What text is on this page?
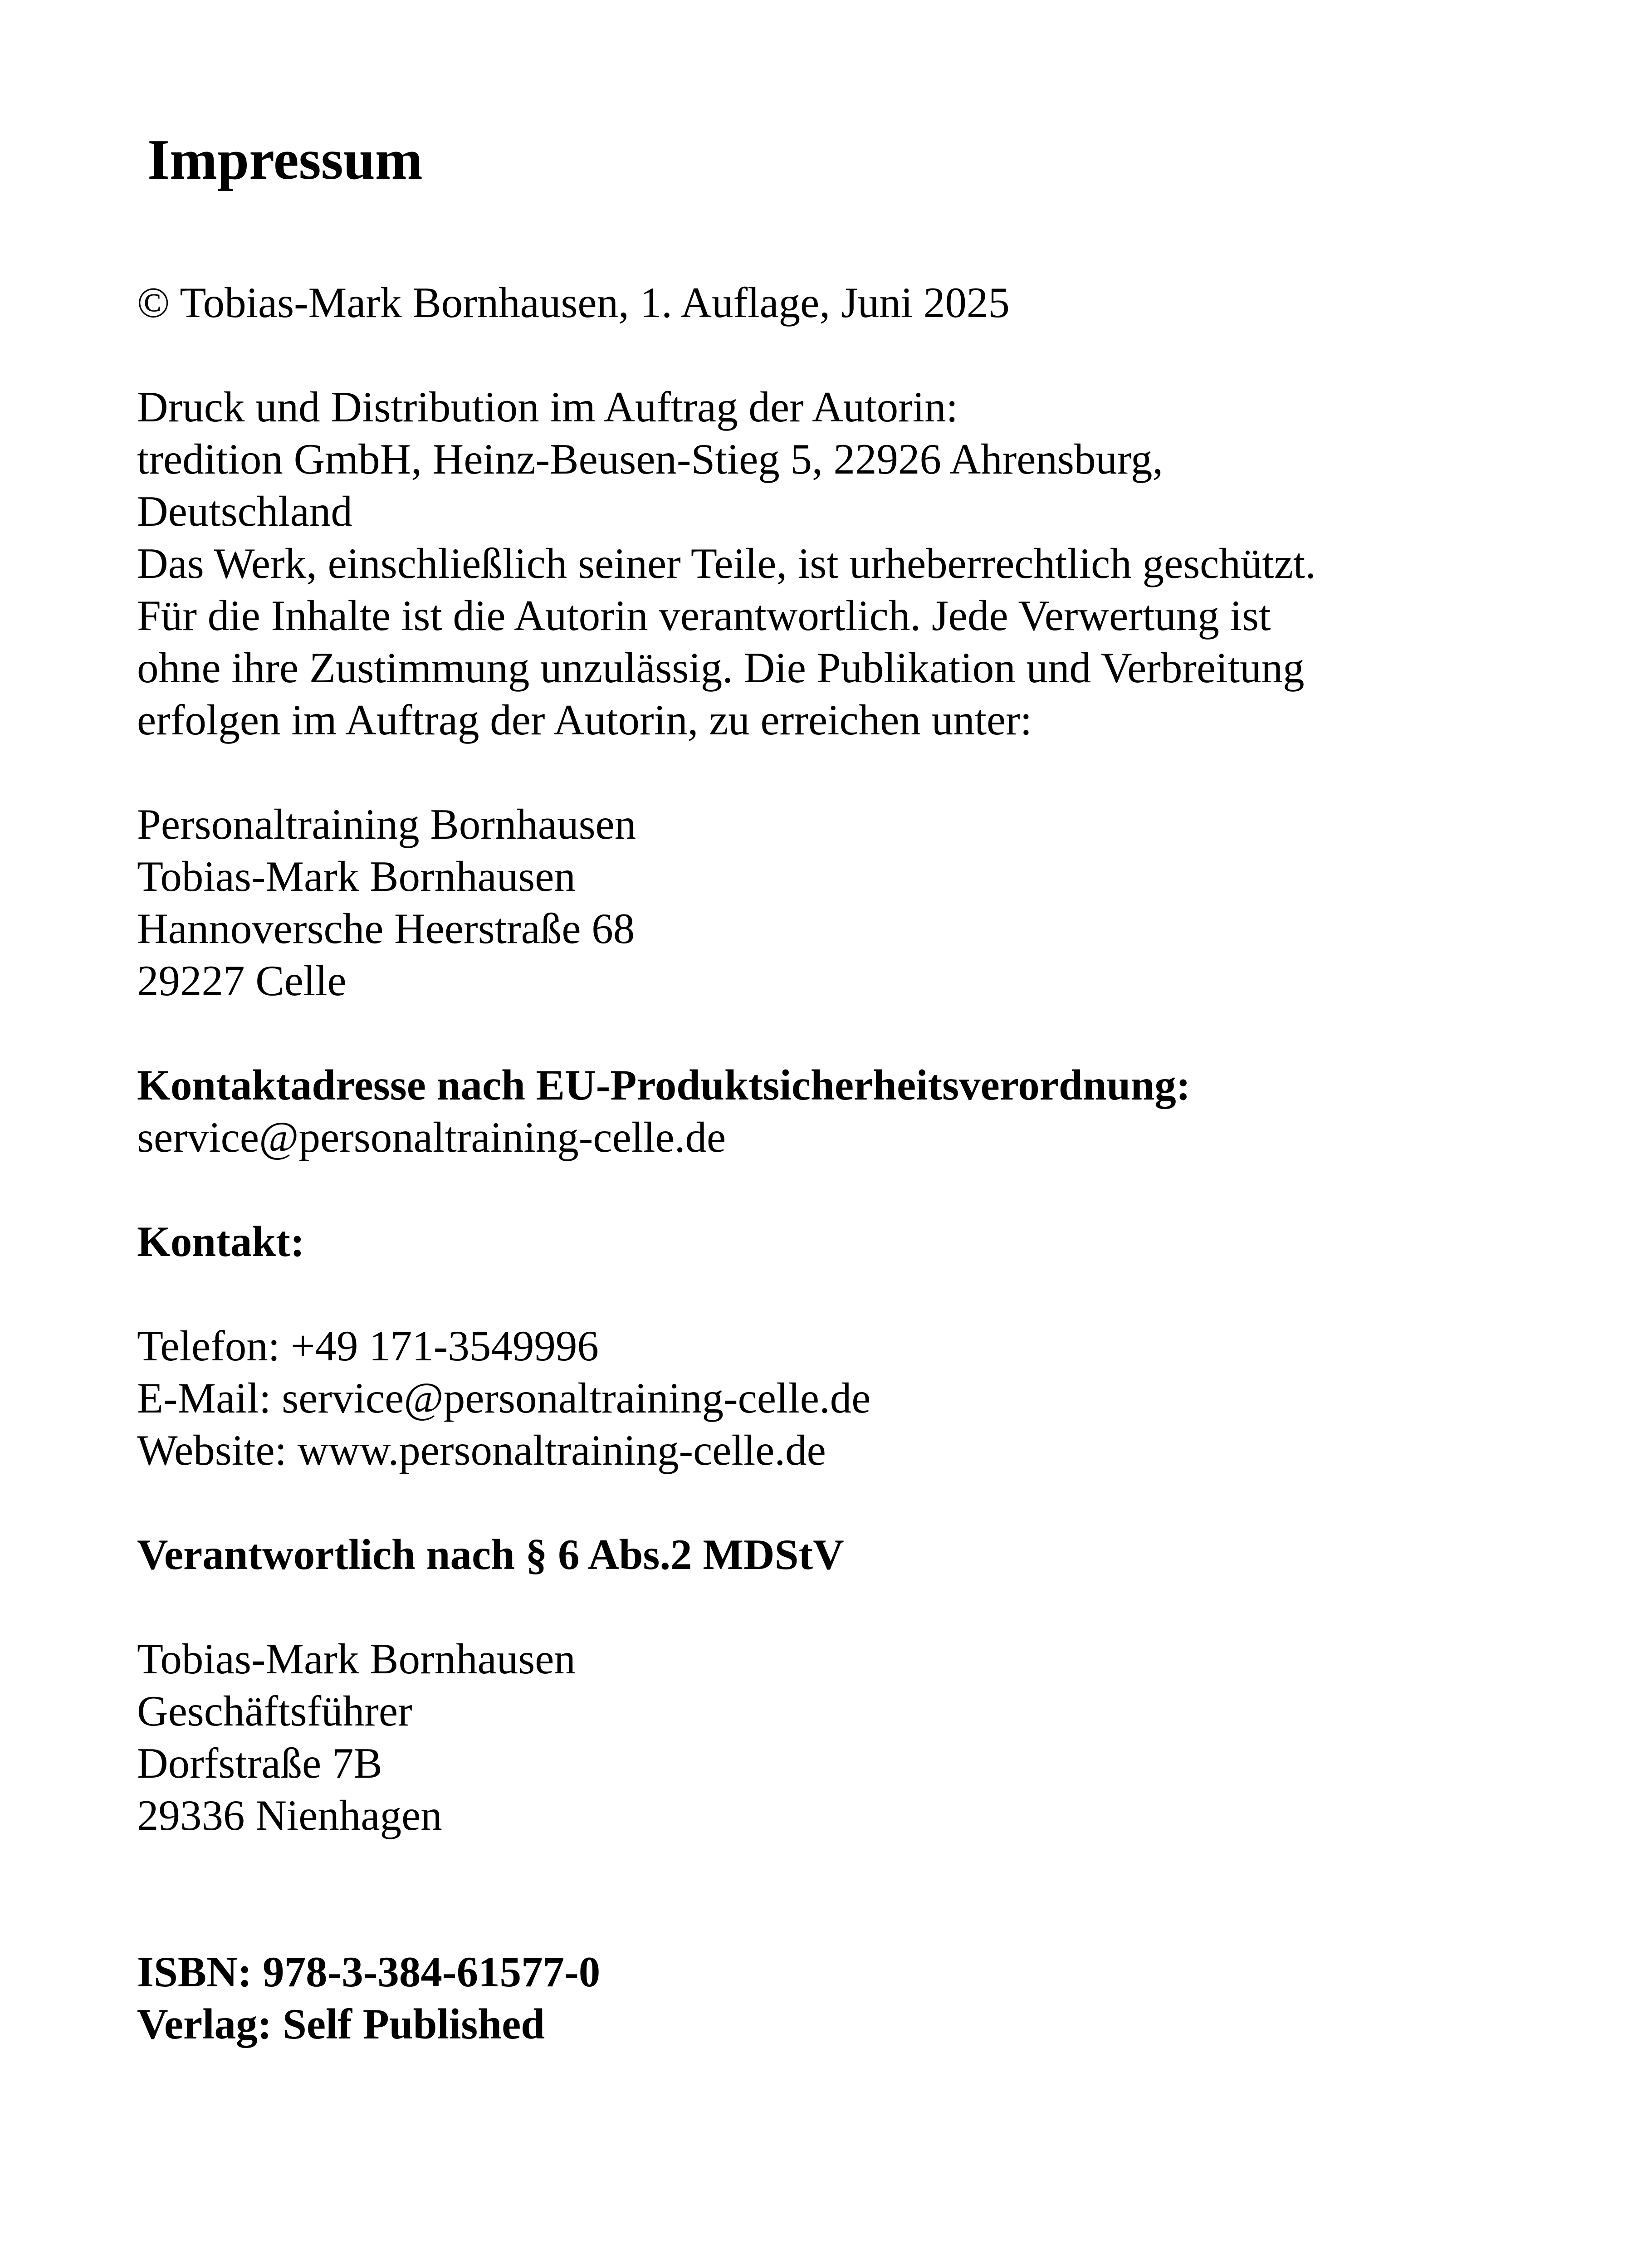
Impressum

© Tobias-Mark Bornhausen, 1. Auflage, Juni 2025

Druck und Distribution im Auftrag der Autorin:

tredition GmbH, Heinz-Beusen-Stieg 5, 22926 Ahrensburg,

Deutschland

Das Werk, einschließlich seiner Teile, ist urheberrechtlich geschützt.

Für die Inhalte ist die Autorin verantwortlich. Jede Verwertung ist

ohne ihre Zustimmung unzulässig. Die Publikation und Verbreitung

erfolgen im Auftrag der Autorin, zu erreichen unter:

Personaltraining Bornhausen

Tobias-Mark Bornhausen

Hannoversche Heerstraße 68

29227 Celle

Kontaktadresse nach EU-Produktsicherheitsverordnung:

service@personaltraining-celle.de

Kontakt:

Telefon: +49 171-3549996

E-Mail: service@personaltraining-celle.de

Website: www.personaltraining-celle.de

Verantwortlich nach § 6 Abs.2 MDStV

Tobias-Mark Bornhausen

Geschäftsführer

Dorfstraße 7B

29336 Nienhagen

ISBN: 978-3-384-61577-0

Verlag: Self Published
